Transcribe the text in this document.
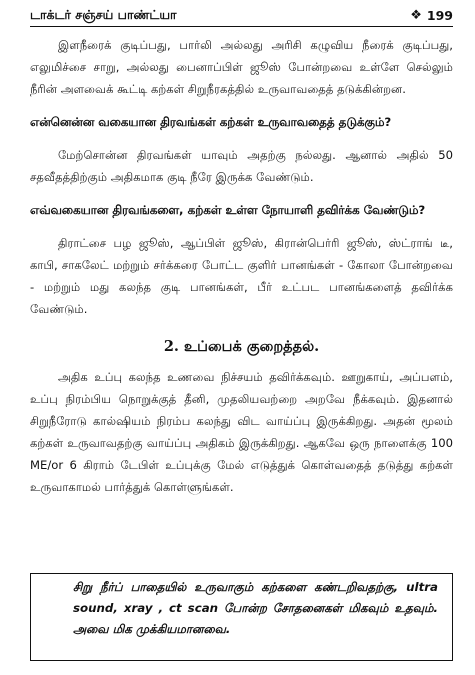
டாக்டர் சஞ்சய் பாண்ட்யா	❖ 199

இளநீரைக் குடிப்பது, பார்லி அல்லது அரிசி கழுவிய நீரைக் குடிப்பது, எலுமிச்சை சாறு, அல்லது பைனாப்பிள் ஜூஸ் போன்றவை உள்ளே செல்லும் நீரின் அளவைக் கூட்டி கற்கள் சிறுநீரகத்தில் உருவாவதைத் தடுக்கின்றன.

என்னென்ன வகையான திரவங்கள் கற்கள் உருவாவதைத் தடுக்கும்?

மேற்சொன்ன திரவங்கள் யாவும் அதற்கு நல்லது. ஆனால் அதில் 50 சதவீதத்திற்கும் அதிகமாக குடி நீரே இருக்க வேண்டும்.

எவ்வகையான திரவங்களை, கற்கள் உள்ள நோயாளி தவிர்க்க வேண்டும்?

திராட்சை பழ ஜூஸ், ஆப்பிள் ஜூஸ், கிரான்பெர்ரி ஜூஸ், ஸ்ட்ராங் டீ, காபி, சாகலேட் மற்றும் சர்க்கரை போட்ட குளிர் பானங்கள் - கோலா போன்றவை - மற்றும் மது கலந்த குடி பானங்கள், பீர் உட்பட பானங்களைத் தவிர்க்க வேண்டும்.

2. உப்பைக் குறைத்தல்.

அதிக உப்பு கலந்த உணவை நிச்சயம் தவிர்க்கவும். ஊறுகாய், அப்பளம், உப்பு நிரம்பிய நொறுக்குத் தீனி, முதலியவற்றை அறவே நீக்கவும். இதனால் சிறுநீரோடு கால்ஷியம் நிரம்ப கலந்து விட வாய்ப்பு இருக்கிறது. அதன் மூலம் கற்கள் உருவாவதற்கு வாய்ப்பு அதிகம் இருக்கிறது. ஆகவே ஒரு நாளைக்கு 100 ME/or 6 கிராம் டேபிள் உப்புக்கு மேல் எடுத்துக் கொள்வதைத் தடுத்து கற்கள் உருவாகாமல் பார்த்துக் கொள்ளுங்கள்.

சிறு நீர்ப் பாதையில் உருவாகும் கற்களை கண்டறிவதற்கு, ultra sound, xray , ct scan போன்ற சோதனைகள் மிகவும் உதவும். அவை மிக முக்கியமானவை.
